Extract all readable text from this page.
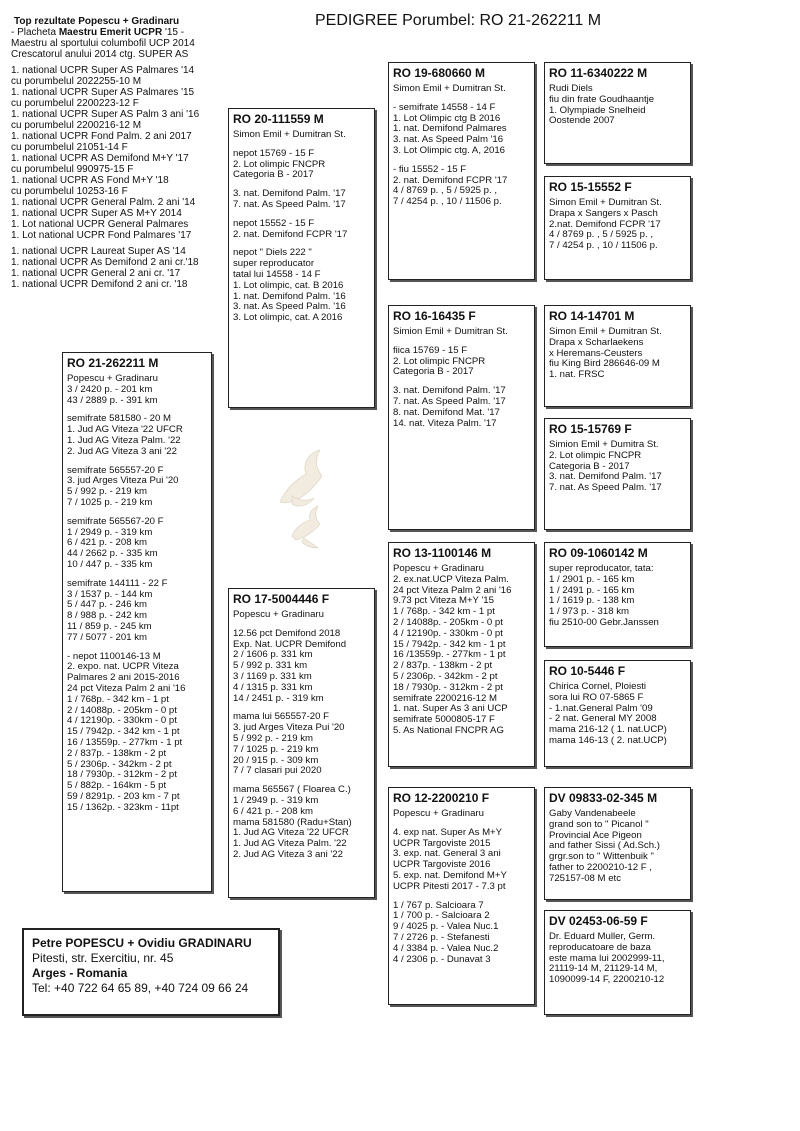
PEDIGREE Porumbel: RO 21-262211 M
Top rezultate Popescu + Gradinaru
- Placheta Maestru Emerit UCPR '15 -
Maestru al sportului columbofil UCP 2014
Crescatorul anului 2014 ctg. SUPER AS
1. national UCPR Super AS Palmares '14
cu porumbelul 2022255-10 M
1. national UCPR Super AS Palmares '15
cu porumbelul 2200223-12 F
1. national UCPR Super AS Palm 3 ani '16
cu porumbelul 2200216-12 M
1. national UCPR Fond Palm. 2 ani 2017
cu porumbelul 21051-14 F
1. national UCPR AS Demifond M+Y '17
cu porumbelul 990975-15 F
1. national UCPR AS Fond M+Y '18
cu porumbelul 10253-16 F
1. national UCPR General Palm. 2 ani '14
1. national UCPR Super AS M+Y 2014
1. Lot national UCPR General Palmares
1. Lot national UCPR Fond Palmares '17
1. national UCPR Laureat Super AS '14
1. national UCPR As Demifond 2 ani cr.'18
1. national UCPR General 2 ani cr. '17
1. national UCPR Demifond 2 ani cr. '18
RO 21-262211 M
Popescu + Gradinaru
3 / 2420 p. - 201 km
43 / 2889 p. - 391 km
semifrate 581580 - 20 M
1. Jud AG Viteza '22 UFCR
1. Jud AG Viteza Palm. '22
2. Jud AG Viteza 3 ani '22
semifrate 565557-20 F
3. jud Arges Viteza Pui '20
5 / 992 p. - 219 km
7 / 1025 p. - 219 km
semifrate 565567-20 F
1 / 2949 p. - 319 km
6 / 421 p. - 208 km
44 / 2662 p. - 335 km
10 / 447 p. - 335 km
semifrate 144111 - 22 F
3 / 1537 p. - 144 km
5 / 447 p. - 246 km
8 / 988 p. - 242 km
11 / 859 p. - 245 km
77 / 5077 - 201 km
- nepot 1100146-13 M
2. expo. nat. UCPR Viteza
Palmares 2 ani 2015-2016
24 pct Viteza Palm 2 ani '16
1 / 768p. - 342 km - 1 pt
2 / 14088p. - 205km - 0 pt
4 / 12190p. - 330km - 0 pt
15 / 7942p. - 342 km - 1 pt
16 / 13559p. - 277km - 1 pt
2 / 837p. - 138km - 2 pt
5 / 2306p. - 342km - 2 pt
18 / 7930p. - 312km - 2 pt
5 / 882p. - 164km - 5 pt
59 / 8291p. - 203 km - 7 pt
15 / 1362p. - 323km - 11pt
RO 20-111559 M
Simon Emil + Dumitran St.
nepot 15769 - 15 F
2. Lot olimpic FNCPR
Categoria B - 2017
3. nat. Demifond Palm. '17
7. nat. As Speed Palm. '17
nepot 15552 - 15 F
2. nat. Demifond FCPR '17
nepot " Diels 222 "
super reproducator
tatal lui 14558 - 14 F
1. Lot olimpic, cat. B 2016
1. nat. Demifond Palm. '16
3. nat. As Speed Palm. '16
3. Lot olimpic, cat. A 2016
RO 17-5004446 F
Popescu + Gradinaru
12.56 pct Demifond 2018
Exp. Nat. UCPR Demifond
2 / 1606 p. 331 km
5 / 992 p. 331 km
3 / 1169 p. 331 km
4 / 1315 p. 331 km
14 / 2451 p. - 319 km
mama lui 565557-20 F
3. jud Arges Viteza Pui '20
5 / 992 p. - 219 km
7 / 1025 p. - 219 km
20 / 915 p. - 309 km
7 / 7 clasari pui 2020
mama 565567 ( Floarea C.)
1 / 2949 p. - 319 km
6 / 421 p. - 208 km
mama 581580 (Radu+Stan)
1. Jud AG Viteza '22 UFCR
1. Jud AG Viteza Palm. '22
2. Jud AG Viteza 3 ani '22
RO 19-680660 M
Simon Emil + Dumitran St.
- semifrate 14558 - 14 F
1. Lot Olimpic ctg B 2016
1. nat. Demifond Palmares
3. nat. As Speed Palm '16
3. Lot Olimpic ctg. A, 2016
- fiu 15552 - 15 F
2. nat. Demifond FCPR '17
4 / 8769 p. , 5 / 5925 p. ,
7 / 4254 p. , 10 / 11506 p.
RO 16-16435 F
Simion Emil + Dumitran St.
fiica 15769 - 15 F
2. Lot olimpic FNCPR
Categoria B - 2017
3. nat. Demifond Palm. '17
7. nat. As Speed Palm. '17
8. nat. Demifond Mat. '17
14. nat. Viteza Palm. '17
RO 13-1100146 M
Popescu + Gradinaru
2. ex.nat.UCP Viteza Palm.
24 pct Viteza Palm 2 ani '16
9.73 pct Viteza M+Y '15
1 / 768p. - 342 km - 1 pt
2 / 14088p. - 205km - 0 pt
4 / 12190p. - 330km - 0 pt
15 / 7942p. - 342 km - 1 pt
16 /13559p. - 277km - 1 pt
2 / 837p. - 138km - 2 pt
5 / 2306p. - 342km - 2 pt
18 / 7930p. - 312km - 2 pt
semifrate 2200216-12 M
1. nat. Super As 3 ani UCP
semifrate 5000805-17 F
5. As National FNCPR AG
RO 12-2200210 F
Popescu + Gradinaru
4. exp nat. Super As M+Y
UCPR Targoviste 2015
3. exp. nat. General 3 ani
UCPR Targoviste 2016
5. exp. nat. Demifond M+Y
UCPR Pitesti 2017 - 7.3 pt
1 / 767 p. Salcioara 7
1 / 700 p. - Salcioara 2
9 / 4025 p. - Valea Nuc.1
7 / 2726 p. - Stefanesti
4 / 3384 p. - Valea Nuc.2
4 / 2306 p. - Dunavat 3
RO 11-6340222 M
Rudi Diels
fiu din frate Goudhaantje
1. Olympiade Snelheid
Oostende 2007
RO 15-15552 F
Simon Emil + Dumitran St.
Drapa x Sangers x Pasch
2.nat. Demifond FCPR '17
4 / 8769 p. , 5 / 5925 p. ,
7 / 4254 p. , 10 / 11506 p.
RO 14-14701 M
Simon Emil + Dumitran St.
Drapa x Scharlaekens
x Heremans-Ceusters
fiu King Bird 286646-09 M
1. nat. FRSC
RO 15-15769 F
Simion Emil + Dumitra St.
2. Lot olimpic FNCPR
Categoria B - 2017
3. nat. Demifond Palm. '17
7. nat. As Speed Palm. '17
RO 09-1060142 M
super reproducator, tata:
1 / 2901 p. - 165 km
1 / 2491 p. - 165 km
1 / 1619 p. - 138 km
1 / 973 p. - 318 km
fiu 2510-00 Gebr.Janssen
RO 10-5446 F
Chirica Cornel, Ploiesti
sora lui RO 07-5865 F
- 1.nat.General Palm '09
- 2 nat. General MY 2008
mama 216-12 ( 1. nat.UCP)
mama 146-13 ( 2. nat.UCP)
DV 09833-02-345 M
Gaby Vandenabeele
grand son to " Picanol "
Provincial Ace Pigeon
and father Sissi ( Ad.Sch.)
grgr.son to " Wittenbuik "
father to 2200210-12 F ,
725157-08 M etc
DV 02453-06-59 F
Dr. Eduard Muller, Germ.
reproducatoare de baza
este mama lui 2002999-11,
21119-14 M, 21129-14 M,
1090099-14 F, 2200210-12
Petre POPESCU + Ovidiu GRADINARU
Pitesti, str. Exercitiu, nr. 45
Arges - Romania
Tel: +40 722 64 65 89, +40 724 09 66 24
